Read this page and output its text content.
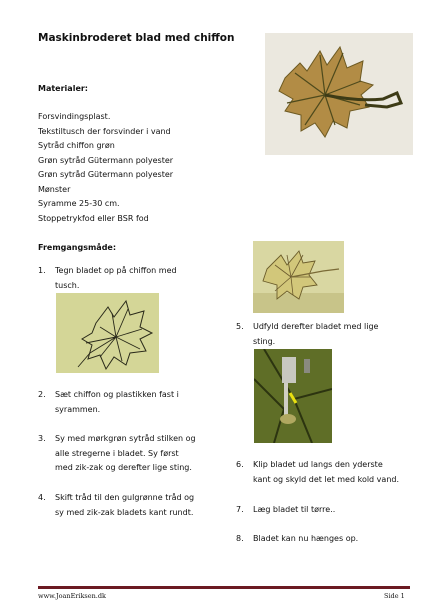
Maskinbroderet blad med chiffon
Materialer:
Forsvindingsplast.
Tekstiltusch der forsvinder i vand
Sytråd chiffon grøn
Grøn sytråd Gütermann polyester
Grøn sytråd Gütermann polyester
Mønster
Syramme 25-30 cm.
Stoppetrykfod eller BSR fod
Fremgangsmåde:
1. Tegn bladet op på chiffon med
tusch.
2. Sæt chiffon og plastikken fast i
syrammen.
3. Sy med mørkgrøn sytråd stilken og
alle stregerne i bladet. Sy først
med zik-zak og derefter lige sting.
4. Skift tråd til den gulgrønne tråd og
sy med zik-zak bladets kant rundt.
5. Udfyld derefter bladet med lige
sting.
6. Klip bladet ud langs den yderste
kant og skyld det let med kold vand.
7. Læg bladet til tørre..
8. Bladet kan nu hænges op.
www.JoanEriksen.dk	Side 1
